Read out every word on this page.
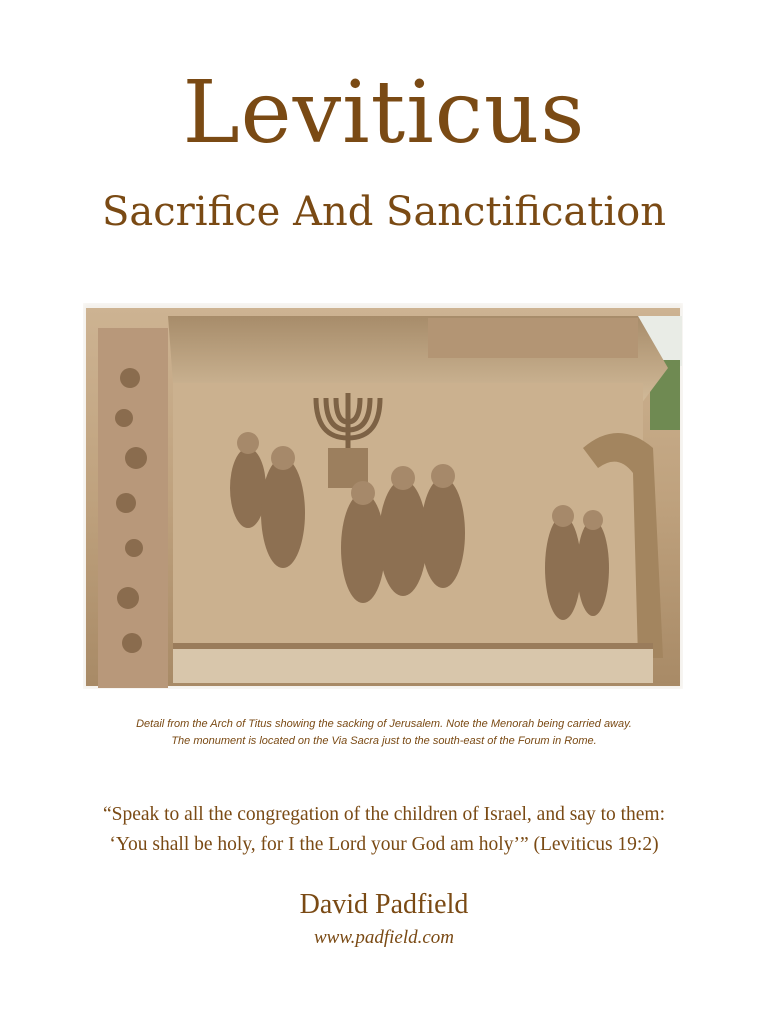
Leviticus
Sacrifice And Sanctification
Detail from the Arch of Titus showing the sacking of Jerusalem. Note the Menorah being carried away.
The monument is located on the Via Sacra just to the south-east of the Forum in Rome.
“Speak to all the congregation of the children of Israel, and say to them:
‘You shall be holy, for I the Lord your God am holy’” (Leviticus 19:2)
David Padfield
www.padfield.com
